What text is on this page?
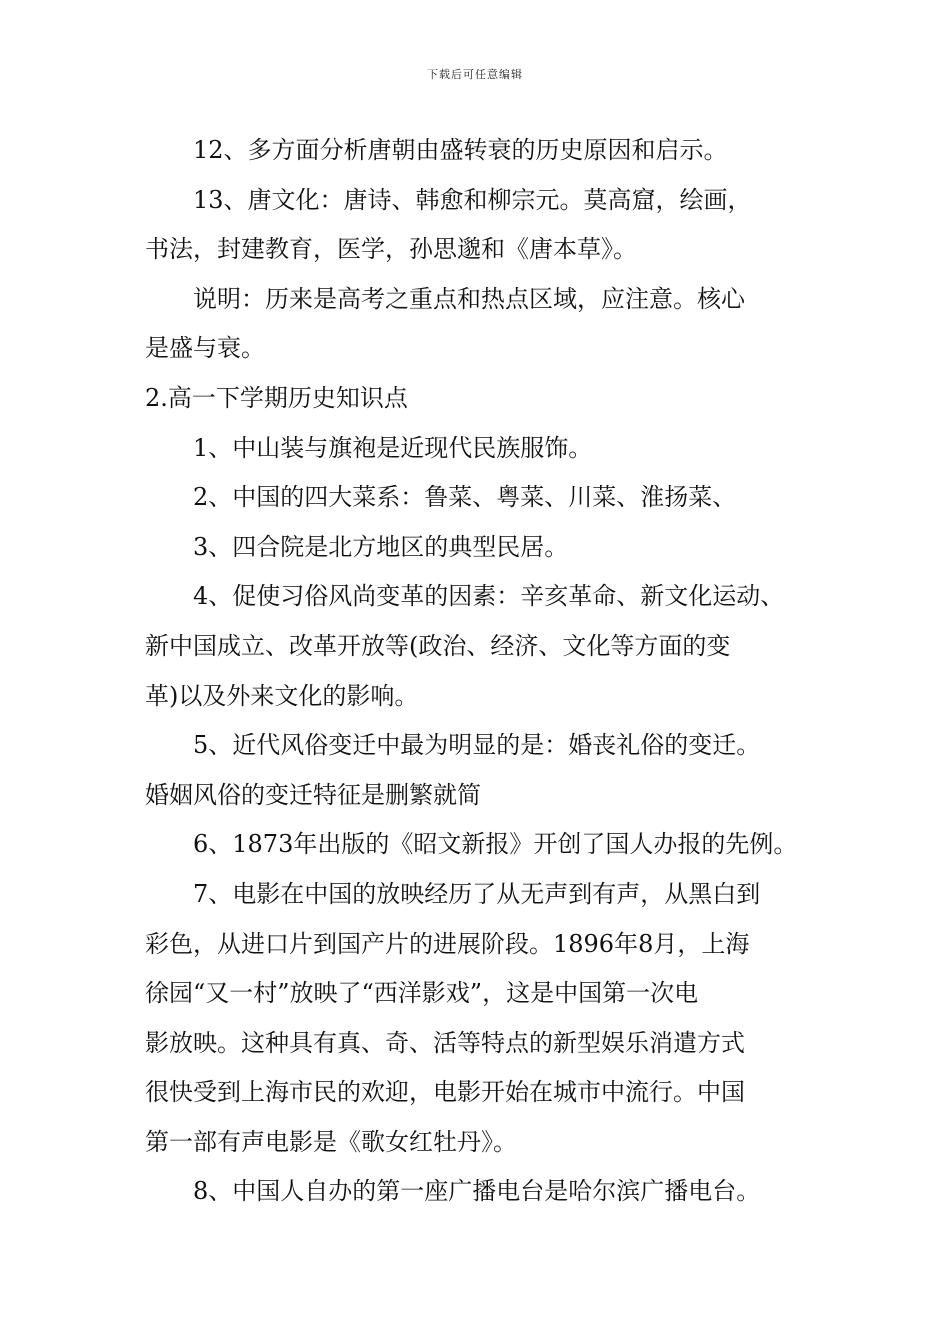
下载后可任意编辑
12、多方面分析唐朝由盛转衰的历史原因和启示。
13、唐文化：唐诗、韩愈和柳宗元。莫高窟，绘画，
书法，封建教育，医学，孙思邈和《唐本草》。
说明：历来是高考之重点和热点区域，应注意。核心
是盛与衰。
2.高一下学期历史知识点
1、中山装与旗袍是近现代民族服饰。
2、中国的四大菜系：鲁菜、粤菜、川菜、淮扬菜、
3、四合院是北方地区的典型民居。
4、促使习俗风尚变革的因素：辛亥革命、新文化运动、
新中国成立、改革开放等(政治、经济、文化等方面的变
革)以及外来文化的影响。
5、近代风俗变迁中最为明显的是：婚丧礼俗的变迁。
婚姻风俗的变迁特征是删繁就简
6、1873年出版的《昭文新报》开创了国人办报的先例。
7、电影在中国的放映经历了从无声到有声，从黑白到
彩色，从进口片到国产片的进展阶段。1896年8月，上海
徐园“又一村”放映了“西洋影戏”，这是中国第一次电
影放映。这种具有真、奇、活等特点的新型娱乐消遣方式
很快受到上海市民的欢迎，电影开始在城市中流行。中国
第一部有声电影是《歌女红牡丹》。
8、中国人自办的第一座广播电台是哈尔滨广播电台。
